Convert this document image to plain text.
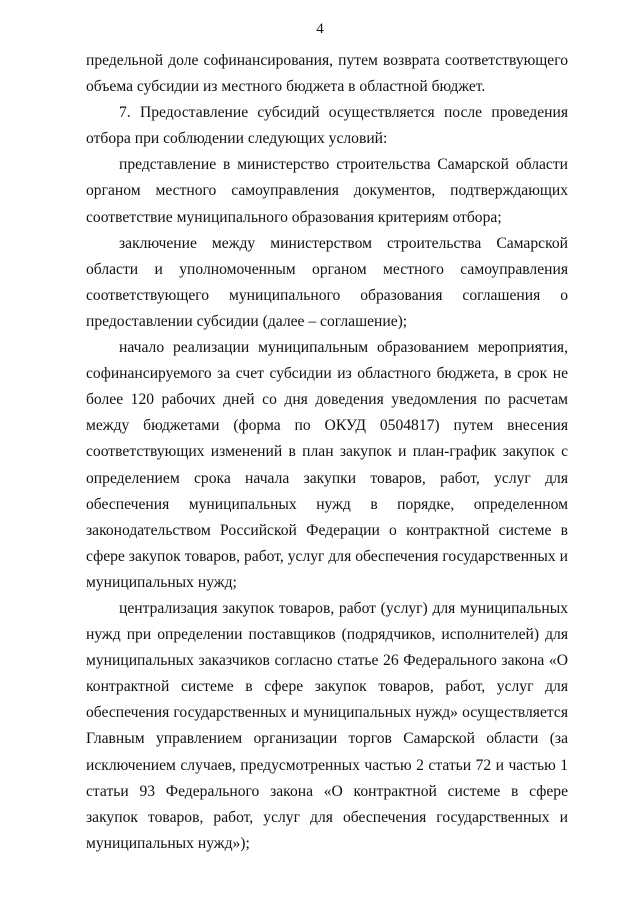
4

предельной доле софинансирования, путем возврата соответствующего объема субсидии из местного бюджета в областной бюджет.

7. Предоставление субсидий осуществляется после проведения отбора при соблюдении следующих условий:

представление в министерство строительства Самарской области органом местного самоуправления документов, подтверждающих соответствие муниципального образования критериям отбора;

заключение между министерством строительства Самарской области и уполномоченным органом местного самоуправления соответствующего муниципального образования соглашения о предоставлении субсидии (далее – соглашение);

начало реализации муниципальным образованием мероприятия, софинансируемого за счет субсидии из областного бюджета, в срок не более 120 рабочих дней со дня доведения уведомления по расчетам между бюджетами (форма по ОКУД 0504817) путем внесения соответствующих изменений в план закупок и план-график закупок с определением срока начала закупки товаров, работ, услуг для обеспечения муниципальных нужд в порядке, определенном законодательством Российской Федерации о контрактной системе в сфере закупок товаров, работ, услуг для обеспечения государственных и муниципальных нужд;

централизация закупок товаров, работ (услуг) для муниципальных нужд при определении поставщиков (подрядчиков, исполнителей) для муниципальных заказчиков согласно статье 26 Федерального закона «О контрактной системе в сфере закупок товаров, работ, услуг для обеспечения государственных и муниципальных нужд» осуществляется Главным управлением организации торгов Самарской области (за исключением случаев, предусмотренных частью 2 статьи 72 и частью 1 статьи 93 Федерального закона «О контрактной системе в сфере закупок товаров, работ, услуг для обеспечения государственных и муниципальных нужд»);
